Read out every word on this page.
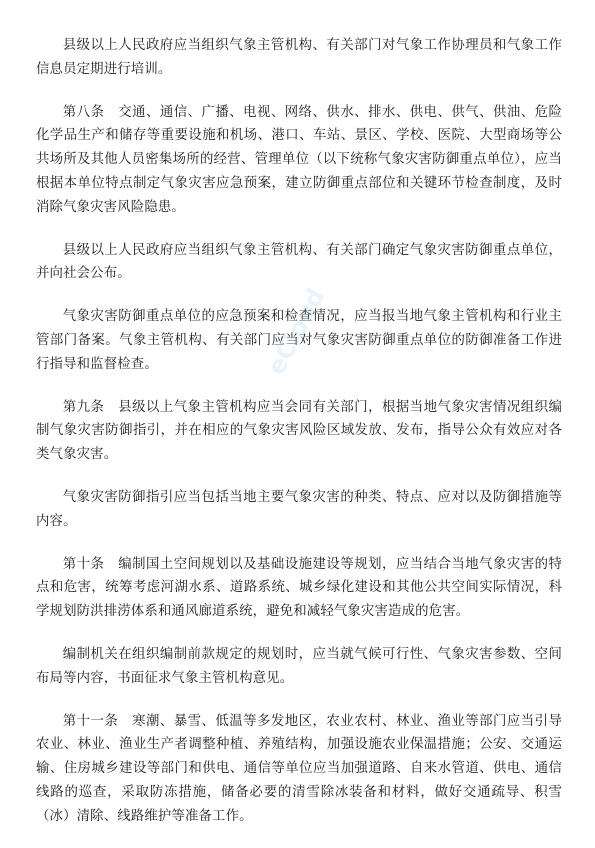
县级以上人民政府应当组织气象主管机构、有关部门对气象工作协理员和气象工作信息员定期进行培训。

第八条　交通、通信、广播、电视、网络、供水、排水、供电、供气、供油、危险化学品生产和储存等重要设施和机场、港口、车站、景区、学校、医院、大型商场等公共场所及其他人员密集场所的经营、管理单位（以下统称气象灾害防御重点单位），应当根据本单位特点制定气象灾害应急预案，建立防御重点部位和关键环节检查制度，及时消除气象灾害风险隐患。

县级以上人民政府应当组织气象主管机构、有关部门确定气象灾害防御重点单位，并向社会公布。

气象灾害防御重点单位的应急预案和检查情况，应当报当地气象主管机构和行业主管部门备案。气象主管机构、有关部门应当对气象灾害防御重点单位的防御准备工作进行指导和监督检查。

第九条　县级以上气象主管机构应当会同有关部门，根据当地气象灾害情况组织编制气象灾害防御指引，并在相应的气象灾害风险区域发放、发布，指导公众有效应对各类气象灾害。

气象灾害防御指引应当包括当地主要气象灾害的种类、特点、应对以及防御措施等内容。

第十条　编制国土空间规划以及基础设施建设等规划，应当结合当地气象灾害的特点和危害，统筹考虑河湖水系、道路系统、城乡绿化建设和其他公共空间实际情况，科学规划防洪排涝体系和通风廊道系统，避免和减轻气象灾害造成的危害。

编制机关在组织编制前款规定的规划时，应当就气候可行性、气象灾害参数、空间布局等内容，书面征求气象主管机构意见。

第十一条　寒潮、暴雪、低温等多发地区，农业农村、林业、渔业等部门应当引导农业、林业、渔业生产者调整种植、养殖结构，加强设施农业保温措施；公安、交通运输、住房城乡建设等部门和供电、通信等单位应当加强道路、自来水管道、供电、通信线路的巡查，采取防冻措施，储备必要的清雪除冰装备和材料，做好交通疏导、积雪（冰）清除、线路维护等准备工作。

eCloud
